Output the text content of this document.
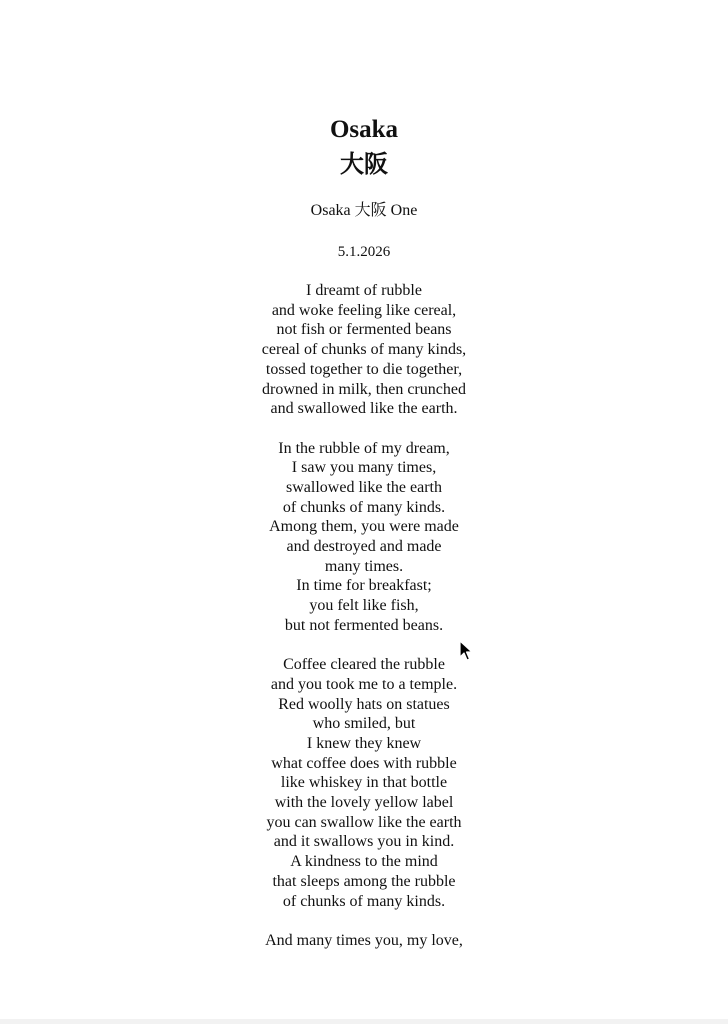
Osaka
大阪
Osaka 大阪 One
5.1.2026
I dreamt of rubble
and woke feeling like cereal,
not fish or fermented beans
cereal of chunks of many kinds,
tossed together to die together,
drowned in milk, then crunched
and swallowed like the earth.
In the rubble of my dream,
I saw you many times,
swallowed like the earth
of chunks of many kinds.
Among them, you were made
and destroyed and made
many times.
In time for breakfast;
you felt like fish,
but not fermented beans.
Coffee cleared the rubble
and you took me to a temple.
Red woolly hats on statues
who smiled, but
I knew they knew
what coffee does with rubble
like whiskey in that bottle
with the lovely yellow label
you can swallow like the earth
and it swallows you in kind.
A kindness to the mind
that sleeps among the rubble
of chunks of many kinds.
And many times you, my love,
